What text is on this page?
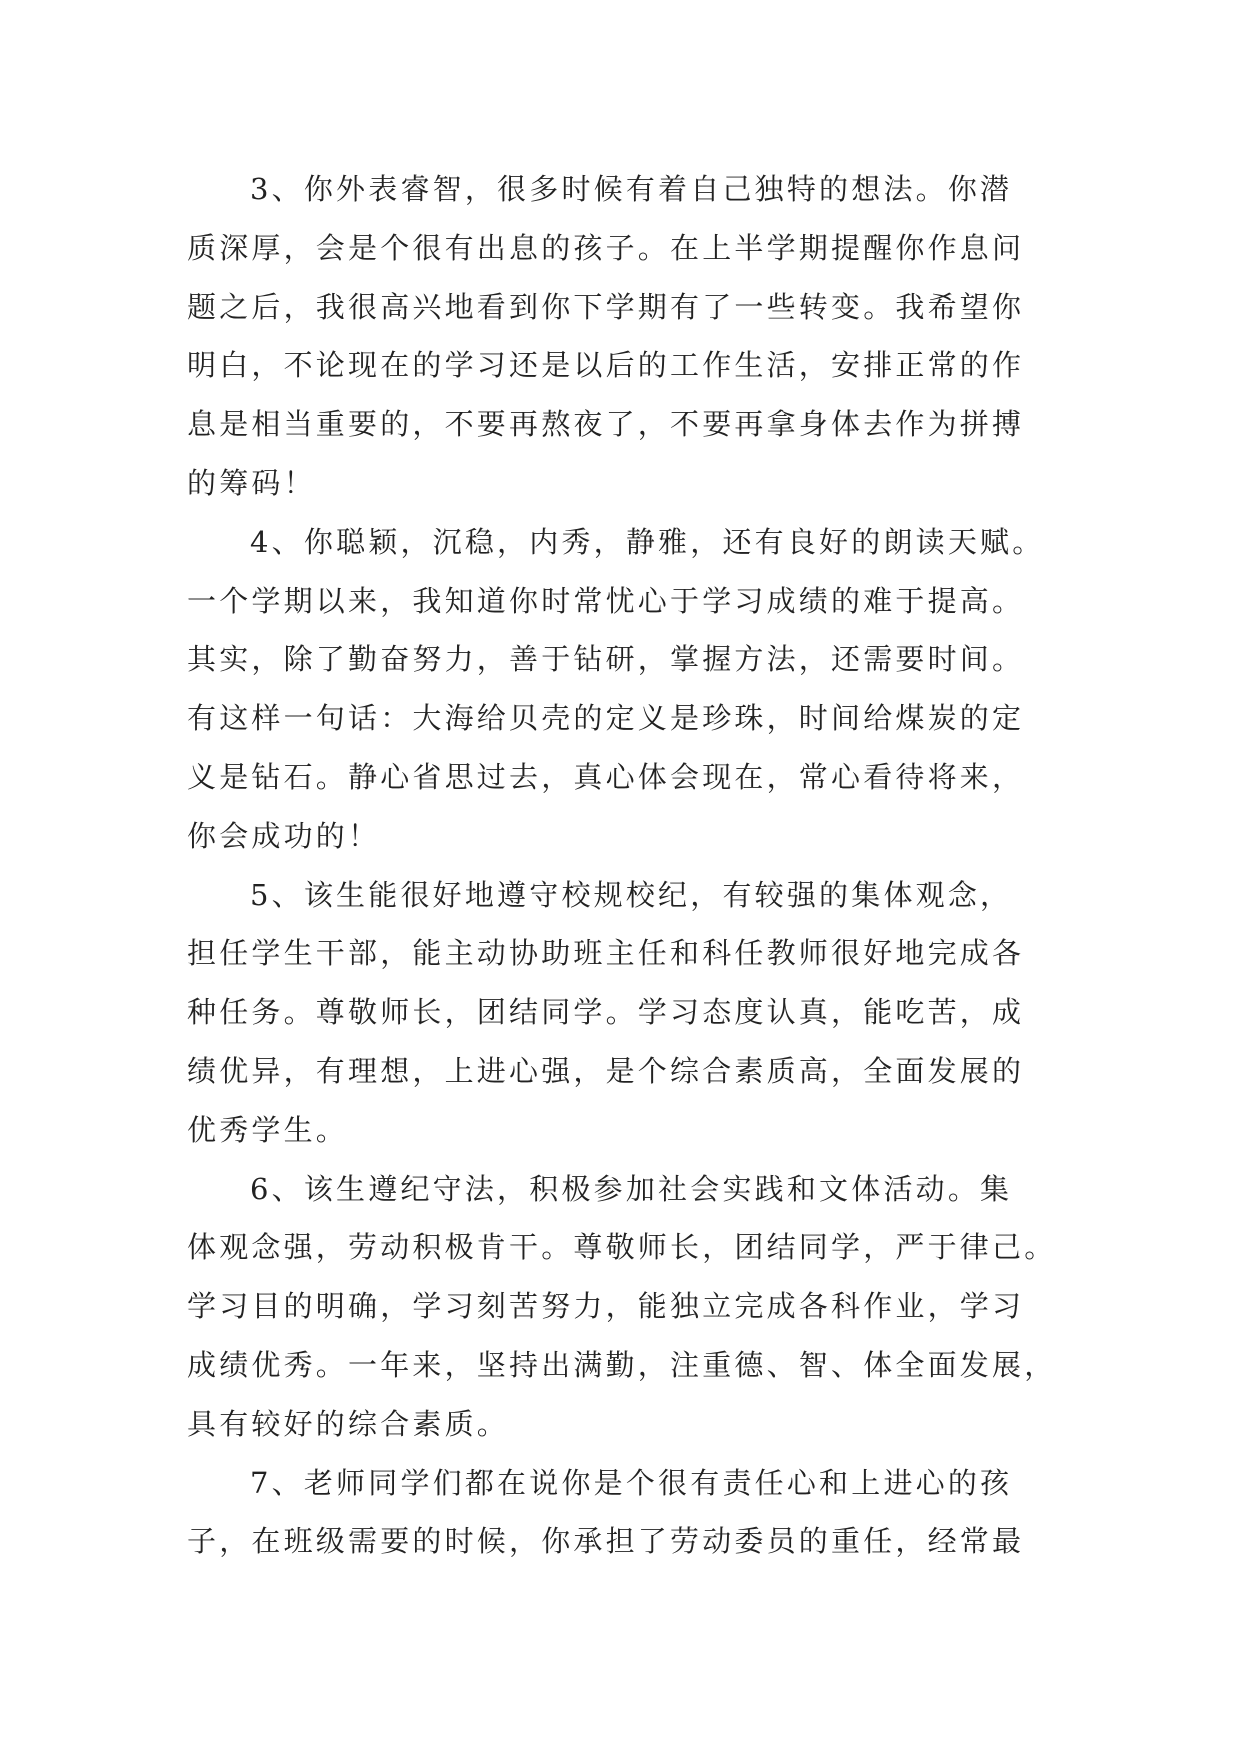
3、你外表睿智，很多时候有着自己独特的想法。你潜
质深厚，会是个很有出息的孩子。在上半学期提醒你作息问
题之后，我很高兴地看到你下学期有了一些转变。我希望你
明白，不论现在的学习还是以后的工作生活，安排正常的作
息是相当重要的，不要再熬夜了，不要再拿身体去作为拼搏
的筹码！
4、你聪颖，沉稳，内秀，静雅，还有良好的朗读天赋。
一个学期以来，我知道你时常忧心于学习成绩的难于提高。
其实，除了勤奋努力，善于钻研，掌握方法，还需要时间。
有这样一句话：大海给贝壳的定义是珍珠，时间给煤炭的定
义是钻石。静心省思过去，真心体会现在，常心看待将来，
你会成功的！
5、该生能很好地遵守校规校纪，有较强的集体观念，
担任学生干部，能主动协助班主任和科任教师很好地完成各
种任务。尊敬师长，团结同学。学习态度认真，能吃苦，成
绩优异，有理想，上进心强，是个综合素质高，全面发展的
优秀学生。
6、该生遵纪守法，积极参加社会实践和文体活动。集
体观念强，劳动积极肯干。尊敬师长，团结同学，严于律己。
学习目的明确，学习刻苦努力，能独立完成各科作业，学习
成绩优秀。一年来，坚持出满勤，注重德、智、体全面发展，
具有较好的综合素质。
7、老师同学们都在说你是个很有责任心和上进心的孩
子，在班级需要的时候，你承担了劳动委员的重任，经常最
